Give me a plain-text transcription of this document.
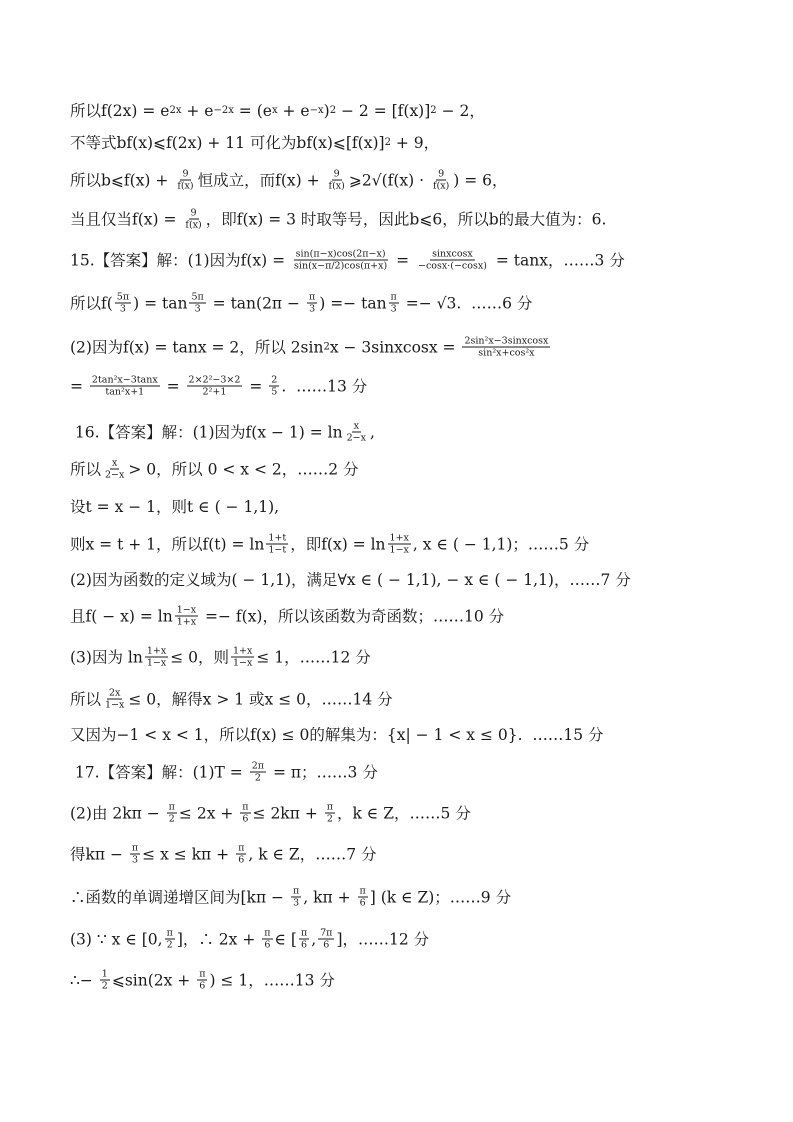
所以f(2x) = e 2x + e −2x = (e x + e −x ) 2 − 2 = [f(x)] 2 − 2，
不等式bf(x)⩽f(2x) + 11 可化为bf(x)⩽[f(x)] 2 + 9，
所以b⩽f(x) + $\frac{9}{f(x)}$ 恒成立，而$f(x) + \frac{9}{f(x)}$ ⩾2√(f(x) · $\frac{9}{f(x)}$ ) = 6，
当且仅当$f(x) = \frac{9}{f(x)}$ ，即f(x) = 3 时取等号，因此b⩽6，所以b的最大值为：6.
15.【答案】解：(1)因为$f(x) = \frac{\sin(\pi-x)\cos(2\pi-x)}{\sin(x-\pi/2)\cos(\pi+x)} = \frac{\text{sinxcosx}}{-\cos x\cdot(-\cos x)} = \tan x$，……3 分
所以$f( \frac{5\pi}{3}$ ) = $\tan \frac{5\pi}{3} = \tan(2\pi - \frac{\pi}{3}$ ) =− $\tan \frac{\pi}{3} =- √3$.  ……6 分
(2)因为f(x) = tanx = 2，所以 2sin 2 x − 3sinxcosx = $\frac{\text{2sin²x−3sinxcosx}}{\text{sin²x+cos²x}}$
= $\frac{\text{2tan²x−3tanx}}{\text{tan²x+1}} = \frac{\text{2×2²−3×2}}{\text{2²+1}} = \frac{2}{5}$ .  ……13 分
16.【答案】解：(1)因为$f(x - 1) = \ln \frac{x}{2-x}$ ,
所以 $\frac{x}{2-x} > 0$，所以 0 < x < 2，……2 分
设t = x − 1，则t ∈ ( − 1,1),
则x = t + 1，所以$f(t) = \ln \frac{1+t}{1-t}$ ，即$f(x) = \ln \frac{1+x}{1-x}$ , x ∈ ( − 1,1)；……5 分
(2)因为函数的定义域为( − 1,1)，满足∀x ∈ ( − 1,1), − x ∈ ( − 1,1)，……7 分
且$f( - x) = \ln \frac{1-x}{1+x} =- f(x)$，所以该函数为奇函数；……10 分
(3)因为 $\ln \frac{1+x}{1-x} \le 0$，则 $\frac{1+x}{1-x} \le 1$，……12 分
所以 $\frac{2x}{1-x} \le 0$，解得x > 1 或x ≤ 0，……14 分
又因为−1 < x < 1，所以f(x) ≤ 0的解集为：{x| − 1 < x ≤ 0}.  ……15 分
17.【答案】解：$(1)T = \frac{2\pi}{2} = \pi$；……3 分
(2)由 $2k\pi - \frac{\pi}{2} \le 2x + \frac{\pi}{6} \le 2k\pi + \frac{\pi}{2}$ ，k ∈ Z，……5 分
得$k\pi - \frac{\pi}{3} \le x \le k\pi + \frac{\pi}{6}$ , k ∈ Z，……7 分
∴函数的单调递增区间为[$k\pi - \frac{\pi}{3}$ , $k\pi + \frac{\pi}{6}$ ] (k ∈ Z)；……9 分
(3) ∵ x ∈ [0, $\frac{\pi}{2}$ ]，∴ $2x + \frac{\pi}{6}$ ∈ [ $\frac{\pi}{6}$ , $\frac{7\pi}{6}$ ]，……12 分
∴− $\frac{1}{2}$ ⩽sin(2x + $\frac{\pi}{6}$ ) ≤ 1，……13 分
